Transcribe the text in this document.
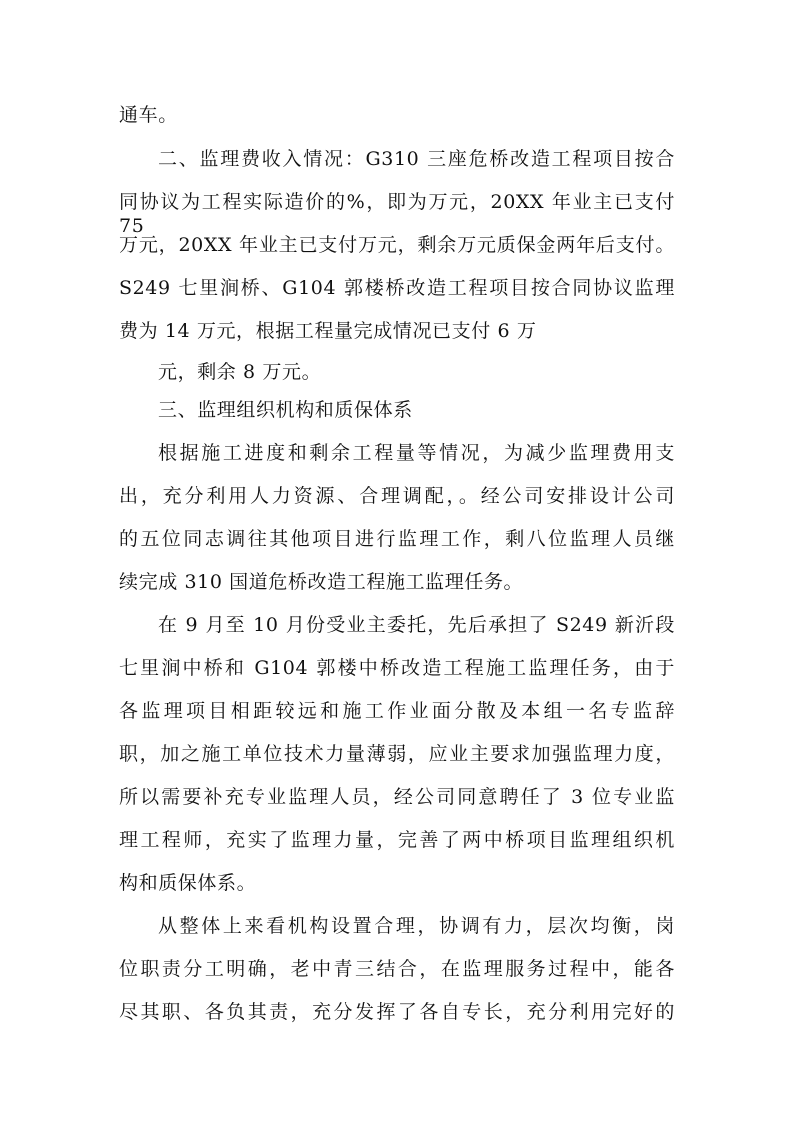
通车。
二、监理费收入情况：G310 三座危桥改造工程项目按合
同协议为工程实际造价的%，即为万元，20XX 年业主已支付 75
万元，20XX 年业主已支付万元，剩余万元质保金两年后支付。
S249 七里涧桥、G104 郭楼桥改造工程项目按合同协议监理
费为 14 万元，根据工程量完成情况已支付 6 万
元，剩余 8 万元。
三、监理组织机构和质保体系
根据施工进度和剩余工程量等情况，为减少监理费用支
出，充分利用人力资源、合理调配，。经公司安排设计公司
的五位同志调往其他项目进行监理工作，剩八位监理人员继
续完成 310 国道危桥改造工程施工监理任务。
在 9 月至 10 月份受业主委托，先后承担了 S249 新沂段
七里涧中桥和 G104 郭楼中桥改造工程施工监理任务，由于
各监理项目相距较远和施工作业面分散及本组一名专监辞
职，加之施工单位技术力量薄弱，应业主要求加强监理力度，
所以需要补充专业监理人员，经公司同意聘任了 3 位专业监
理工程师，充实了监理力量，完善了两中桥项目监理组织机
构和质保体系。
从整体上来看机构设置合理，协调有力，层次均衡，岗
位职责分工明确，老中青三结合，在监理服务过程中，能各
尽其职、各负其责，充分发挥了各自专长，充分利用完好的
